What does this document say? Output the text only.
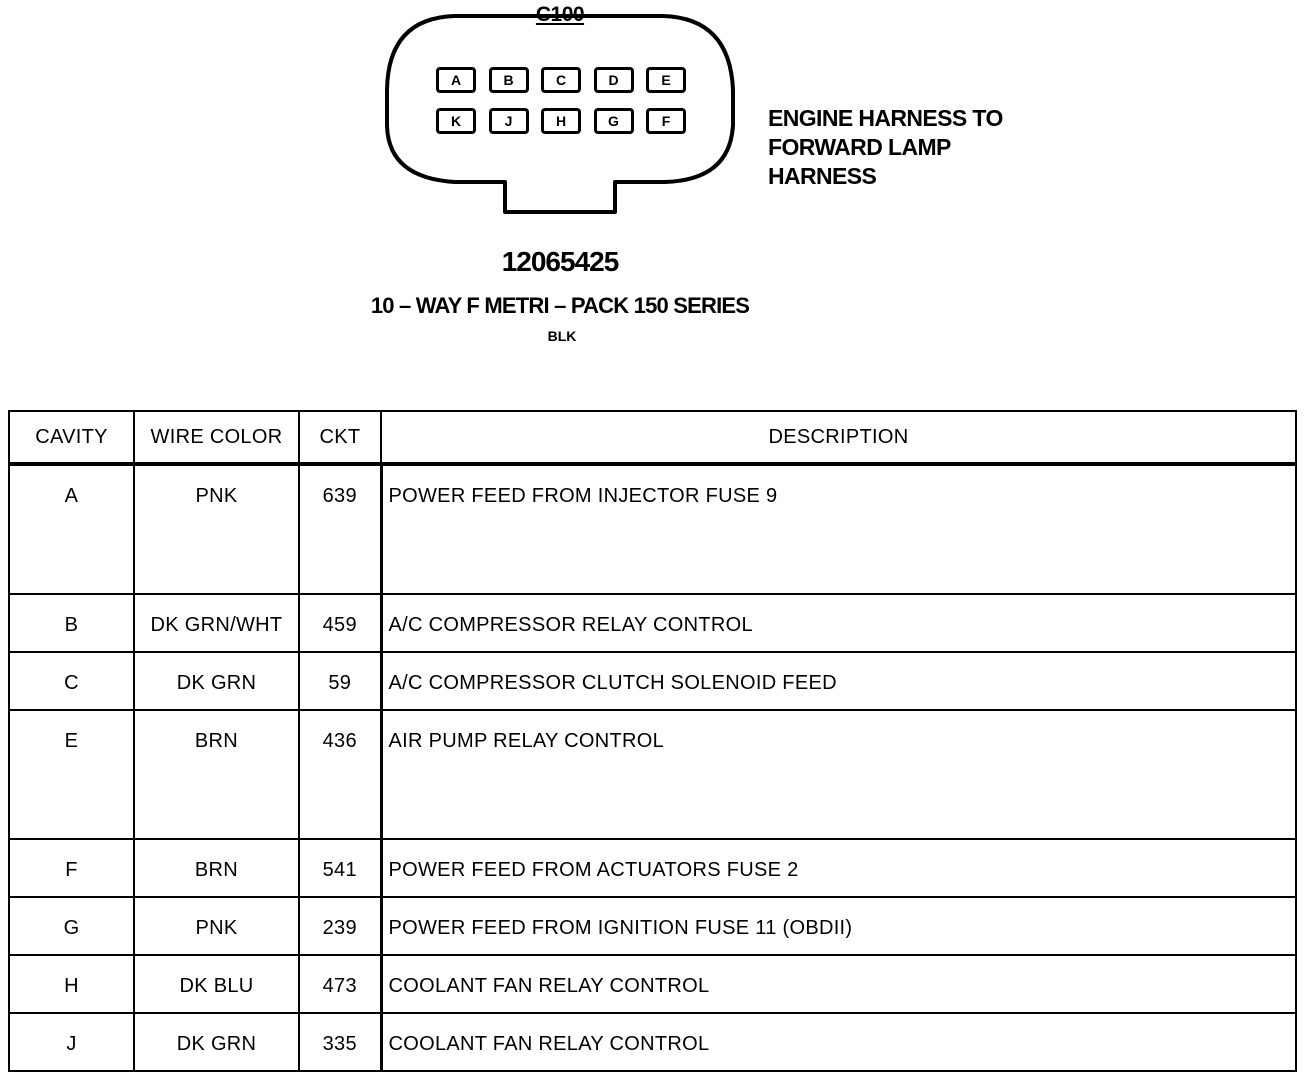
C100
A	B	C	D	E
K	J	H	G	F	ENGINE HARNESS TO
FORWARD LAMP
HARNESS
12065425
10 – WAY F METRI – PACK 150 SERIES
BLK
CAVITY	WIRE COLOR	CKT	DESCRIPTION
A	PNK	639	POWER FEED FROM INJECTOR FUSE 9
B	DK GRN/WHT	459	A/C COMPRESSOR RELAY CONTROL
C	DK GRN	59	A/C COMPRESSOR CLUTCH SOLENOID FEED
E	BRN	436	AIR PUMP RELAY CONTROL
F	BRN	541	POWER FEED FROM ACTUATORS FUSE 2
G	PNK	239	POWER FEED FROM IGNITION FUSE 11 (OBDII)
H	DK BLU	473	COOLANT FAN RELAY CONTROL
J	DK GRN	335	COOLANT FAN RELAY CONTROL
